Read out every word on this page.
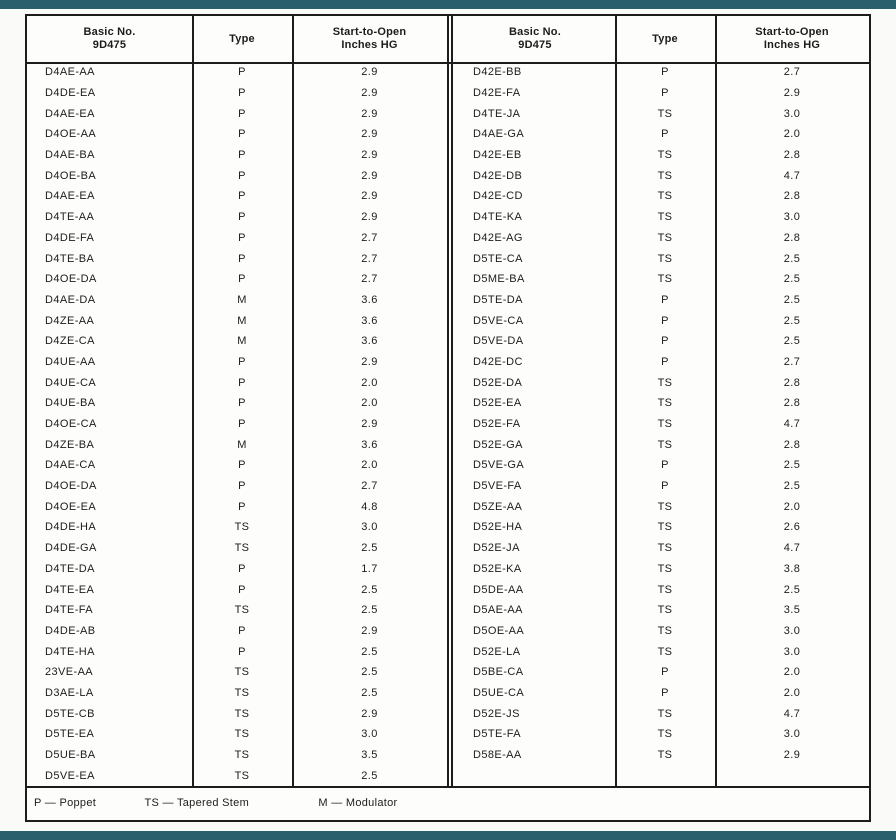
Basic No.
9D475	Type	Start-to-Open
Inches HG

D4AE-AA	P	2.9
D4DE-EA	P	2.9
D4AE-EA	P	2.9
D4OE-AA	P	2.9
D4AE-BA	P	2.9
D4OE-BA	P	2.9
D4AE-EA	P	2.9
D4TE-AA	P	2.9
D4DE-FA	P	2.7
D4TE-BA	P	2.7
D4OE-DA	P	2.7
D4AE-DA	M	3.6
D4ZE-AA	M	3.6
D4ZE-CA	M	3.6
D4UE-AA	P	2.9
D4UE-CA	P	2.0
D4UE-BA	P	2.0
D4OE-CA	P	2.9
D4ZE-BA	M	3.6
D4AE-CA	P	2.0
D4OE-DA	P	2.7
D4OE-EA	P	4.8
D4DE-HA	TS	3.0
D4DE-GA	TS	2.5
D4TE-DA	P	1.7
D4TE-EA	P	2.5
D4TE-FA	TS	2.5
D4DE-AB	P	2.9
D4TE-HA	P	2.5
23VE-AA	TS	2.5
D3AE-LA	TS	2.5
D5TE-CB	TS	2.9
D5TE-EA	TS	3.0
D5UE-BA	TS	3.5
D5VE-EA	TS	2.5
Basic No.
9D475	Type	Start-to-Open
Inches HG

D42E-BB	P	2.7
D42E-FA	P	2.9
D4TE-JA	TS	3.0
D4AE-GA	P	2.0
D42E-EB	TS	2.8
D42E-DB	TS	4.7
D42E-CD	TS	2.8
D4TE-KA	TS	3.0
D42E-AG	TS	2.8
D5TE-CA	TS	2.5
D5ME-BA	TS	2.5
D5TE-DA	P	2.5
D5VE-CA	P	2.5
D5VE-DA	P	2.5
D42E-DC	P	2.7
D52E-DA	TS	2.8
D52E-EA	TS	2.8
D52E-FA	TS	4.7
D52E-GA	TS	2.8
D5VE-GA	P	2.5
D5VE-FA	P	2.5
D5ZE-AA	TS	2.0
D52E-HA	TS	2.6
D52E-JA	TS	4.7
D52E-KA	TS	3.8
D5DE-AA	TS	2.5
D5AE-AA	TS	3.5
D5OE-AA	TS	3.0
D52E-LA	TS	3.0
D5BE-CA	P	2.0
D5UE-CA	P	2.0
D52E-JS	TS	4.7
D5TE-FA	TS	3.0
D58E-AA	TS	2.9
P — Poppet	TS — Tapered Stem	M — Modulator
